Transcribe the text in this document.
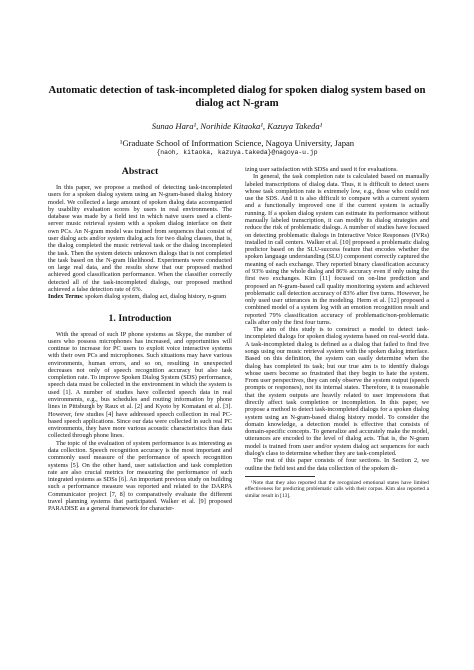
Automatic detection of task-incompleted dialog for spoken dialog system based on dialog act N-gram
Sunao Hara¹, Norihide Kitaoka¹, Kazuya Takeda¹
¹Graduate School of Information Science, Nagoya University, Japan
{naoh, kitaoka, kazuya.takeda}@nagoya-u.jp
Abstract

In this paper, we propose a method of detecting task-incompleted users for a spoken dialog system using an N-gram-based dialog history model. We collected a large amount of spoken dialog data accompanied by usability evaluation scores by users in real environments. The database was made by a field test in which naive users used a client-server music retrieval system with a spoken dialog interface on their own PCs. An N-gram model was trained from sequences that consist of user dialog acts and/or system dialog acts for two dialog classes, that is, the dialog completed the music retrieval task or the dialog incompleted the task. Then the system detects unknown dialogs that is not completed the task based on the N-gram likelihood. Experiments were conducted on large real data, and the results show that our proposed method achieved good classification performance. When the classifier correctly detected all of the task-incompleted dialogs, our proposed method achieved a false detection rate of 6%.

Index Terms: spoken dialog system, dialog act, dialog history, n-gram

1. Introduction

With the spread of such IP phone systems as Skype, the number of users who possess microphones has increased, and opportunities will continue to increase for PC users to exploit voice interactive systems with their own PCs and microphones. Such situations may have various environments, human errors, and so on, resulting in unexpected decreases not only of speech recognition accuracy but also task completion rate. To improve Spoken Dialog System (SDS) performance, speech data must be collected in the environment in which the system is used [1]. A number of studies have collected speech data in real environments, e.g., bus schedules and routing information by phone lines in Pittsburgh by Raux et al. [2] and Kyoto by Komatani et al. [3]. However, few studies [4] have addressed speech collection in real PC-based speech applications. Since our data were collected in such real PC environments, they have more various acoustic characteristics than data collected through phone lines.

The topic of the evaluation of system performance is as interesting as data collection. Speech recognition accuracy is the most important and commonly used measure of the performance of speech recognition systems [5]. On the other hand, user satisfaction and task completion rate are also crucial metrics for measuring the performance of such integrated systems as SDSs [6]. An important previous study on building such a performance measure was reported and related to the DARPA Communicator project [7, 8] to comparatively evaluate the different travel planning systems that participated. Walker et al. [9] proposed PARADISE as a general framework for character-

izing user satisfaction with SDSs and used it for evaluations.

In general, the task completion rate is calculated based on manually labeled transcriptions of dialog data. Thus, it is difficult to detect users whose task completion rate is extremely low, e.g., those who could not use the SDS. And it is also difficult to compare with a current system and a functionally improved one if the current system is actually running. If a spoken dialog system can estimate its performance without manually labeled transcription, it can modify its dialog strategies and reduce the risk of problematic dialogs. A number of studies have focused on detecting problematic dialogs in Interactive Voice Responses (IVRs) installed in call centers. Walker et al. [10] proposed a problematic dialog predictor based on the SLU-success feature that encodes whether the spoken language understanding (SLU) component correctly captured the meaning of each exchange. They reported binary classification accuracy of 93% using the whole dialog and 86% accuracy even if only using the first two exchanges. Kim [11] focused on on-line prediction and proposed an N-gram-based call quality monitoring system and achieved problematic call detection accuracy of 83% after five turns. However, he only used user utterances in the modeling. Herm et al. [12] proposed a combined model of a system log with an emotion recognition result and reported 79% classification accuracy of problematic/non-problematic calls after only the first four turns.

The aim of this study is to construct a model to detect task-incompleted dialogs for spoken dialog systems based on real-world data. A task-incompleted dialog is defined as a dialog that failed to find five songs using our music retrieval system with the spoken dialog interface. Based on this definition, the system can easily determine when the dialog has completed its task; but our true aim is to identify dialogs whose users become so frustrated that they begin to hate the system. From user perspectives, they can only observe the system output (speech prompts or responses), not its internal states. Therefore, it is reasonable that the system outputs are heavily related to user impressions that directly affect task completion or incompletion. In this paper, we propose a method to detect task-incompleted dialogs for a spoken dialog system using an N-gram-based dialog history model. To consider the domain knowledge, a detection model is effective that consists of domain-specific concepts. To generalize and accurately make the model, utterances are encoded to the level of dialog acts. That is, the N-gram model is trained from user and/or system dialog act sequences for each dialog's class to determine whether they are task-completed.

The rest of this paper consists of four sections. In Section 2, we outline the field test and the data collection of the spoken di-

¹Note that they also reported that the recognized emotional states have limited effectiveness for predicting problematic calls with their corpus. Kim also reported a similar result in [13].
